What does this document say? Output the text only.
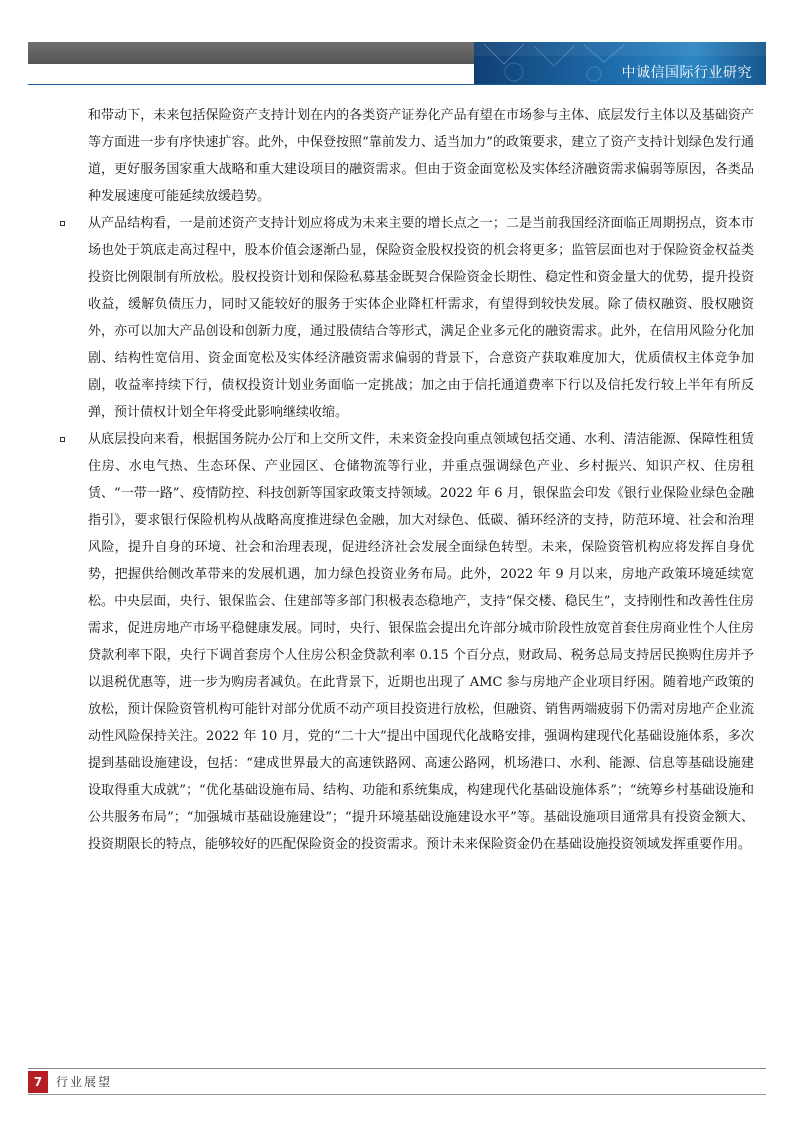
中诚信国际行业研究

和带动下，未来包括保险资产支持计划在内的各类资产证券化产品有望在市场参与主体、底层发行主体以及基础资产等方面进一步有序快速扩容。此外，中保登按照“靠前发力、适当加力”的政策要求，建立了资产支持计划绿色发行通道，更好服务国家重大战略和重大建设项目的融资需求。但由于资金面宽松及实体经济融资需求偏弱等原因，各类品种发展速度可能延续放缓趋势。

从产品结构看，一是前述资产支持计划应将成为未来主要的增长点之一；二是当前我国经济面临正周期拐点，资本市场也处于筑底走高过程中，股本价值会逐渐凸显，保险资金股权投资的机会将更多；监管层面也对于保险资金权益类投资比例限制有所放松。股权投资计划和保险私募基金既契合保险资金长期性、稳定性和资金量大的优势，提升投资收益，缓解负债压力，同时又能较好的服务于实体企业降杠杆需求，有望得到较快发展。除了债权融资、股权融资外，亦可以加大产品创设和创新力度，通过股债结合等形式，满足企业多元化的融资需求。此外，在信用风险分化加剧、结构性宽信用、资金面宽松及实体经济融资需求偏弱的背景下，合意资产获取难度加大，优质债权主体竞争加剧，收益率持续下行，债权投资计划业务面临一定挑战；加之由于信托通道费率下行以及信托发行较上半年有所反弹，预计债权计划全年将受此影响继续收缩。

从底层投向来看，根据国务院办公厅和上交所文件，未来资金投向重点领域包括交通、水利、清洁能源、保障性租赁住房、水电气热、生态环保、产业园区、仓储物流等行业，并重点强调绿色产业、乡村振兴、知识产权、住房租赁、“一带一路”、疫情防控、科技创新等国家政策支持领域。2022 年 6 月，银保监会印发《银行业保险业绿色金融指引》，要求银行保险机构从战略高度推进绿色金融，加大对绿色、低碳、循环经济的支持，防范环境、社会和治理风险，提升自身的环境、社会和治理表现，促进经济社会发展全面绿色转型。未来，保险资管机构应将发挥自身优势，把握供给侧改革带来的发展机遇，加力绿色投资业务布局。此外，2022 年 9 月以来，房地产政策环境延续宽松。中央层面，央行、银保监会、住建部等多部门积极表态稳地产，支持“保交楼、稳民生”，支持刚性和改善性住房需求，促进房地产市场平稳健康发展。同时，央行、银保监会提出允许部分城市阶段性放宽首套住房商业性个人住房贷款利率下限，央行下调首套房个人住房公积金贷款利率 0.15 个百分点，财政局、税务总局支持居民换购住房并予以退税优惠等，进一步为购房者减负。在此背景下，近期也出现了 AMC 参与房地产企业项目纾困。随着地产政策的放松，预计保险资管机构可能针对部分优质不动产项目投资进行放松，但融资、销售两端疲弱下仍需对房地产企业流动性风险保持关注。2022 年 10 月，党的“二十大”提出中国现代化战略安排，强调构建现代化基础设施体系，多次提到基础设施建设，包括：“建成世界最大的高速铁路网、高速公路网，机场港口、水利、能源、信息等基础设施建设取得重大成就”；“优化基础设施布局、结构、功能和系统集成，构建现代化基础设施体系”；“统筹乡村基础设施和公共服务布局”；“加强城市基础设施建设”；“提升环境基础设施建设水平”等。基础设施项目通常具有投资金额大、投资期限长的特点，能够较好的匹配保险资金的投资需求。预计未来保险资金仍在基础设施投资领域发挥重要作用。

7	行业展望
